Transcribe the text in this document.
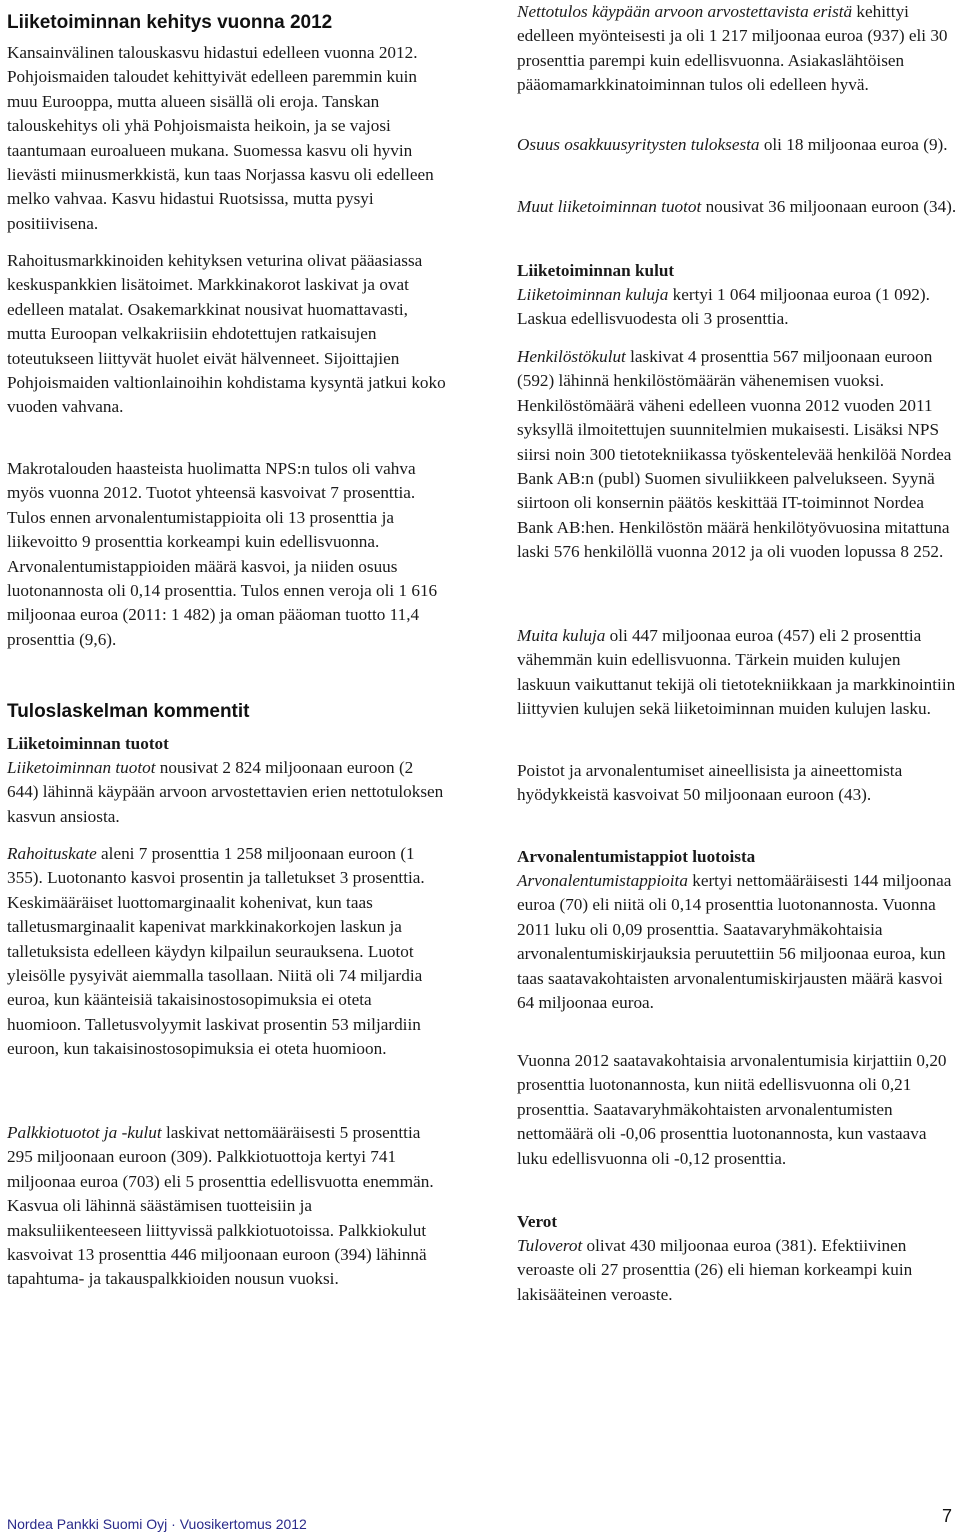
Liiketoiminnan kehitys vuonna 2012

Kansainvälinen talouskasvu hidastui edelleen vuonna 2012. Pohjoismaiden taloudet kehittyivät edelleen paremmin kuin muu Eurooppa, mutta alueen sisällä oli eroja. Tanskan talouskehitys oli yhä Pohjoismaista heikoin, ja se vajosi taantumaan euroalueen mukana. Suomessa kasvu oli hyvin lievästi miinusmerkkistä, kun taas Norjassa kasvu oli edelleen melko vahvaa. Kasvu hidastui Ruotsissa, mutta pysyi positiivisena.

Rahoitusmarkkinoiden kehityksen veturina olivat pääasiassa keskuspankkien lisätoimet. Markkinakorot laskivat ja ovat edelleen matalat. Osakemarkkinat nousivat huomattavasti, mutta Euroopan velkakriisiin ehdotettujen ratkaisujen toteutukseen liittyvät huolet eivät hälvenneet. Sijoittajien Pohjoismaiden valtionlainoihin kohdistama kysyntä jatkui koko vuoden vahvana.

Makrotalouden haasteista huolimatta NPS:n tulos oli vahva myös vuonna 2012. Tuotot yhteensä kasvoivat 7 prosenttia. Tulos ennen arvonalentumistappioita oli 13 prosenttia ja liikevoitto 9 prosenttia korkeampi kuin edellisvuonna. Arvonalentumistappioiden määrä kasvoi, ja niiden osuus luotonannosta oli 0,14 prosenttia. Tulos ennen veroja oli 1 616 miljoonaa euroa (2011: 1 482) ja oman pääoman tuotto 11,4 prosenttia (9,6).

Tuloslaskelman kommentit
Liiketoiminnan tuotot

Liiketoiminnan tuotot nousivat 2 824 miljoonaan euroon (2 644) lähinnä käypään arvoon arvostettavien erien nettotuloksen kasvun ansiosta.

Rahoituskate aleni 7 prosenttia 1 258 miljoonaan euroon (1 355). Luotonanto kasvoi prosentin ja talletukset 3 prosenttia. Keskimääräiset luottomarginaalit kohenivat, kun taas talletusmarginaalit kapenivat markkinakorkojen laskun ja talletuksista edelleen käydyn kilpailun seurauksena. Luotot yleisölle pysyivät aiemmalla tasollaan. Niitä oli 74 miljardia euroa, kun käänteisiä takaisinostosopimuksia ei oteta huomioon. Talletusvolyymit laskivat prosentin 53 miljardiin euroon, kun takaisinostosopimuksia ei oteta huomioon.

Palkkiotuotot ja -kulut laskivat nettomääräisesti 5 prosenttia 295 miljoonaan euroon (309). Palkkiotuottoja kertyi 741 miljoonaa euroa (703) eli 5 prosenttia edellisvuotta enemmän. Kasvua oli lähinnä säästämisen tuotteisiin ja maksuliikenteeseen liittyvissä palkkiotuotoissa. Palkkiokulut kasvoivat 13 prosenttia 446 miljoonaan euroon (394) lähinnä tapahtuma- ja takauspalkkioiden nousun vuoksi.

Nettotulos käypään arvoon arvostettavista eristä kehittyi edelleen myönteisesti ja oli 1 217 miljoonaa euroa (937) eli 30 prosenttia parempi kuin edellisvuonna. Asiakaslähtöisen pääomamarkkinatoiminnan tulos oli edelleen hyvä.

Osuus osakkuusyritysten tuloksesta oli 18 miljoonaa euroa (9).

Muut liiketoiminnan tuotot nousivat 36 miljoonaan euroon (34).

Liiketoiminnan kulut

Liiketoiminnan kuluja kertyi 1 064 miljoonaa euroa (1 092). Laskua edellisvuodesta oli 3 prosenttia.

Henkilöstökulut laskivat 4 prosenttia 567 miljoonaan euroon (592) lähinnä henkilöstömäärän vähenemisen vuoksi. Henkilöstömäärä väheni edelleen vuonna 2012 vuoden 2011 syksyllä ilmoitettujen suunnitelmien mukaisesti. Lisäksi NPS siirsi noin 300 tietotekniikassa työskentelevää henkilöä Nordea Bank AB:n (publ) Suomen sivuliikkeen palvelukseen. Syynä siirtoon oli konsernin päätös keskittää IT-toiminnot Nordea Bank AB:hen. Henkilöstön määrä henkilötyövuosina mitattuna laski 576 henkilöllä vuonna 2012 ja oli vuoden lopussa 8 252.

Muita kuluja oli 447 miljoonaa euroa (457) eli 2 prosenttia vähemmän kuin edellisvuonna. Tärkein muiden kulujen laskuun vaikuttanut tekijä oli tietotekniikkaan ja markkinointiin liittyvien kulujen sekä liiketoiminnan muiden kulujen lasku.

Poistot ja arvonalentumiset aineellisista ja aineettomista hyödykkeistä kasvoivat 50 miljoonaan euroon (43).

Arvonalentumistappiot luotoista

Arvonalentumistappioita kertyi nettomääräisesti 144 miljoonaa euroa (70) eli niitä oli 0,14 prosenttia luotonannosta. Vuonna 2011 luku oli 0,09 prosenttia. Saatavaryhmäkohtaisia arvonalentumiskirjauksia peruutettiin 56 miljoonaa euroa, kun taas saatavakohtaisten arvonalentumiskirjausten määrä kasvoi 64 miljoonaa euroa.

Vuonna 2012 saatavakohtaisia arvonalentumisia kirjattiin 0,20 prosenttia luotonannosta, kun niitä edellisvuonna oli 0,21 prosenttia. Saatavaryhmäkohtaisten arvonalentumisten nettomäärä oli -0,06 prosenttia luotonannosta, kun vastaava luku edellisvuonna oli -0,12 prosenttia.

Verot

Tuloverot olivat 430 miljoonaa euroa (381). Efektiivinen veroaste oli 27 prosenttia (26) eli hieman korkeampi kuin lakisääteinen veroaste.

Nordea Pankki Suomi Oyj · Vuosikertomus 2012	7
